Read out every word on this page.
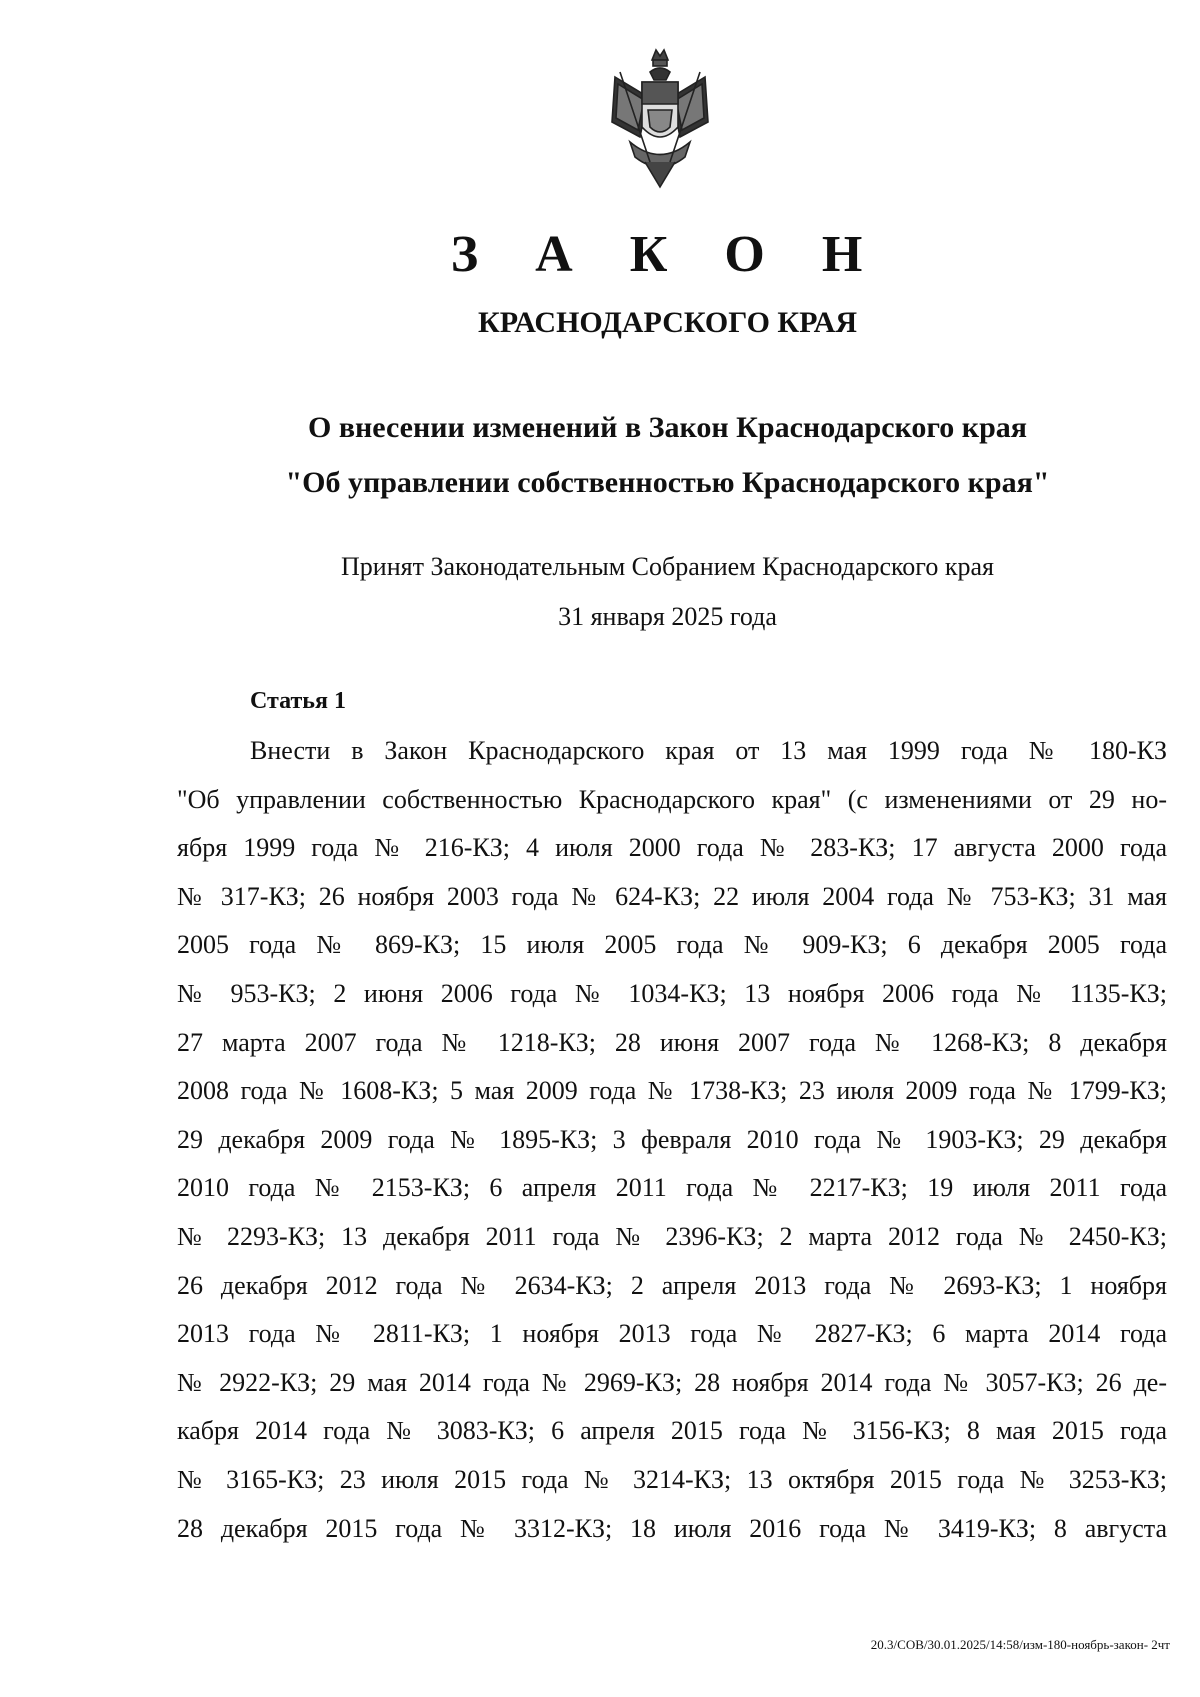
З А К О Н
КРАСНОДАРСКОГО КРАЯ
О внесении изменений в Закон Краснодарского края
"Об управлении собственностью Краснодарского края"
Принят Законодательным Собранием Краснодарского края
31 января 2025 года
Статья 1
Внести в Закон Краснодарского края от 13 мая 1999 года № 180-КЗ
"Об управлении собственностью Краснодарского края" (с изменениями от 29 но-
ября 1999 года № 216-КЗ; 4 июля 2000 года № 283-КЗ; 17 августа 2000 года
№ 317-КЗ; 26 ноября 2003 года № 624-КЗ; 22 июля 2004 года № 753-КЗ; 31 мая
2005 года № 869-КЗ; 15 июля 2005 года № 909-КЗ; 6 декабря 2005 года
№ 953-КЗ; 2 июня 2006 года № 1034-КЗ; 13 ноября 2006 года № 1135-КЗ;
27 марта 2007 года № 1218-КЗ; 28 июня 2007 года № 1268-КЗ; 8 декабря
2008 года № 1608-КЗ; 5 мая 2009 года № 1738-КЗ; 23 июля 2009 года № 1799-КЗ;
29 декабря 2009 года № 1895-КЗ; 3 февраля 2010 года № 1903-КЗ; 29 декабря
2010 года № 2153-КЗ; 6 апреля 2011 года № 2217-КЗ; 19 июля 2011 года
№ 2293-КЗ; 13 декабря 2011 года № 2396-КЗ; 2 марта 2012 года № 2450-КЗ;
26 декабря 2012 года № 2634-КЗ; 2 апреля 2013 года № 2693-КЗ; 1 ноября
2013 года № 2811-КЗ; 1 ноября 2013 года № 2827-КЗ; 6 марта 2014 года
№ 2922-КЗ; 29 мая 2014 года № 2969-КЗ; 28 ноября 2014 года № 3057-КЗ; 26 де-
кабря 2014 года № 3083-КЗ; 6 апреля 2015 года № 3156-КЗ; 8 мая 2015 года
№ 3165-КЗ; 23 июля 2015 года № 3214-КЗ; 13 октября 2015 года № 3253-КЗ;
28 декабря 2015 года № 3312-КЗ; 18 июля 2016 года № 3419-КЗ; 8 августа
20.3/СОВ/30.01.2025/14:58/изм-180-ноябрь-закон- 2чт
